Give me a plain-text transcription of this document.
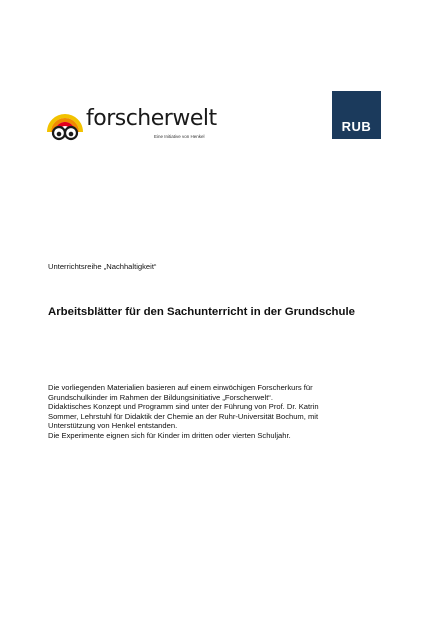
forscherwelt
Eine Initiative von Henkel
RUB
Unterrichtsreihe „Nachhaltigkeit“
Arbeitsblätter für den Sachunterricht in der Grundschule
Die vorliegenden Materialien basieren auf einem einwöchigen Forscherkurs für
Grundschulkinder im Rahmen der Bildungsinitiative „Forscherwelt“.
Didaktisches Konzept und Programm sind unter der Führung von Prof. Dr. Katrin
Sommer, Lehrstuhl für Didaktik der Chemie an der Ruhr-Universität Bochum, mit
Unterstützung von Henkel entstanden.
Die Experimente eignen sich für Kinder im dritten oder vierten Schuljahr.
